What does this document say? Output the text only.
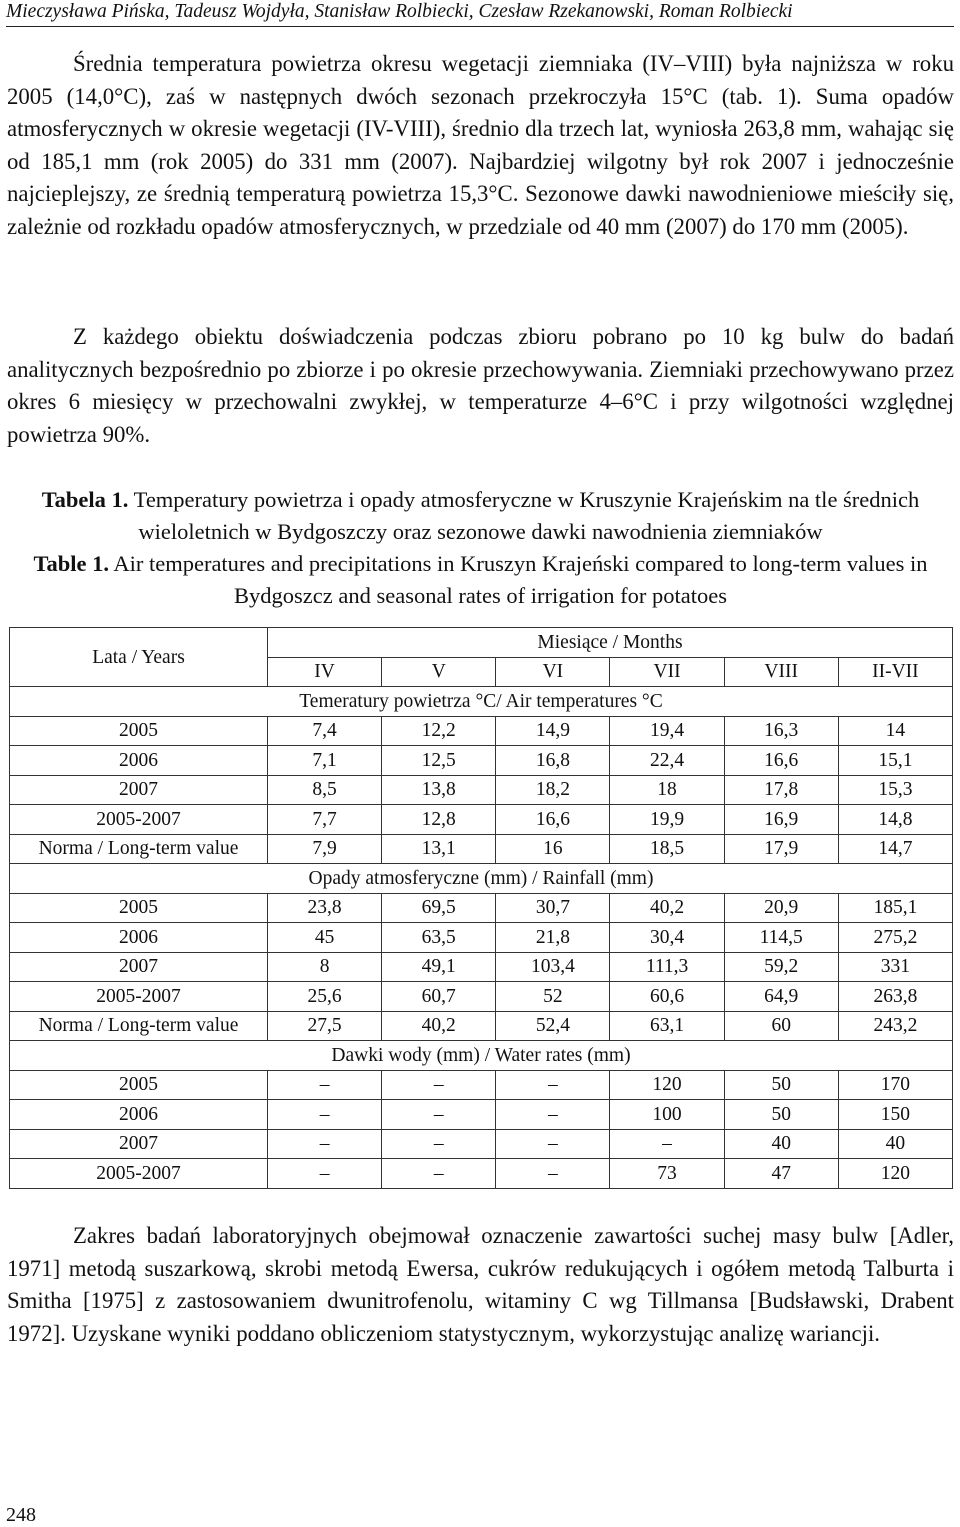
Mieczysława Pińska, Tadeusz Wojdyła, Stanisław Rolbiecki, Czesław Rzekanowski, Roman Rolbiecki

Średnia temperatura powietrza okresu wegetacji ziemniaka (IV–VIII) była najniższa w roku 2005 (14,0°C), zaś w następnych dwóch sezonach przekroczyła 15°C (tab. 1). Suma opadów atmosferycznych w okresie wegetacji (IV-VIII), średnio dla trzech lat, wyniosła 263,8 mm, wahając się od 185,1 mm (rok 2005) do 331 mm (2007). Najbardziej wilgotny był rok 2007 i jednocześnie najcieplejszy, ze średnią temperaturą powietrza 15,3°C. Sezonowe dawki nawodnieniowe mieściły się, zależnie od rozkładu opadów atmosferycznych, w przedziale od 40 mm (2007) do 170 mm (2005).

Z każdego obiektu doświadczenia podczas zbioru pobrano po 10 kg bulw do badań analitycznych bezpośrednio po zbiorze i po okresie przechowywania. Ziemniaki przechowywano przez okres 6 miesięcy w przechowalni zwykłej, w temperaturze 4–6°C i przy wilgotności względnej powietrza 90%.

Tabela 1. Temperatury powietrza i opady atmosferyczne w Kruszynie Krajeńskim na tle średnich wieloletnich w Bydgoszczy oraz sezonowe dawki nawodnienia ziemniaków
Table 1. Air temperatures and precipitations in Kruszyn Krajeński compared to long-term values in Bydgoszcz and seasonal rates of irrigation for potatoes
Lata / Years	Miesiące / Months					
	IV	V	VI	VII	VIII	II-VII
Temeratury powietrza °C/ Air temperatures °C						
2005	7,4	12,2	14,9	19,4	16,3	14
2006	7,1	12,5	16,8	22,4	16,6	15,1
2007	8,5	13,8	18,2	18	17,8	15,3
2005-2007	7,7	12,8	16,6	19,9	16,9	14,8
Norma / Long-term value	7,9	13,1	16	18,5	17,9	14,7
Opady atmosferyczne (mm) / Rainfall (mm)						
2005	23,8	69,5	30,7	40,2	20,9	185,1
2006	45	63,5	21,8	30,4	114,5	275,2
2007	8	49,1	103,4	111,3	59,2	331
2005-2007	25,6	60,7	52	60,6	64,9	263,8
Norma / Long-term value	27,5	40,2	52,4	63,1	60	243,2
Dawki wody (mm) / Water rates (mm)						
2005	–	–	–	120	50	170
2006	–	–	–	100	50	150
2007	–	–	–	–	40	40
2005-2007	–	–	–	73	47	120

Zakres badań laboratoryjnych obejmował oznaczenie zawartości suchej masy bulw [Adler, 1971] metodą suszarkową, skrobi metodą Ewersa, cukrów redukujących i ogółem metodą Talburta i Smitha [1975] z zastosowaniem dwunitrofenolu, witaminy C wg Tillmansa [Budsławski, Drabent 1972]. Uzyskane wyniki poddano obliczeniom statystycznym, wykorzystując analizę wariancji.

248
